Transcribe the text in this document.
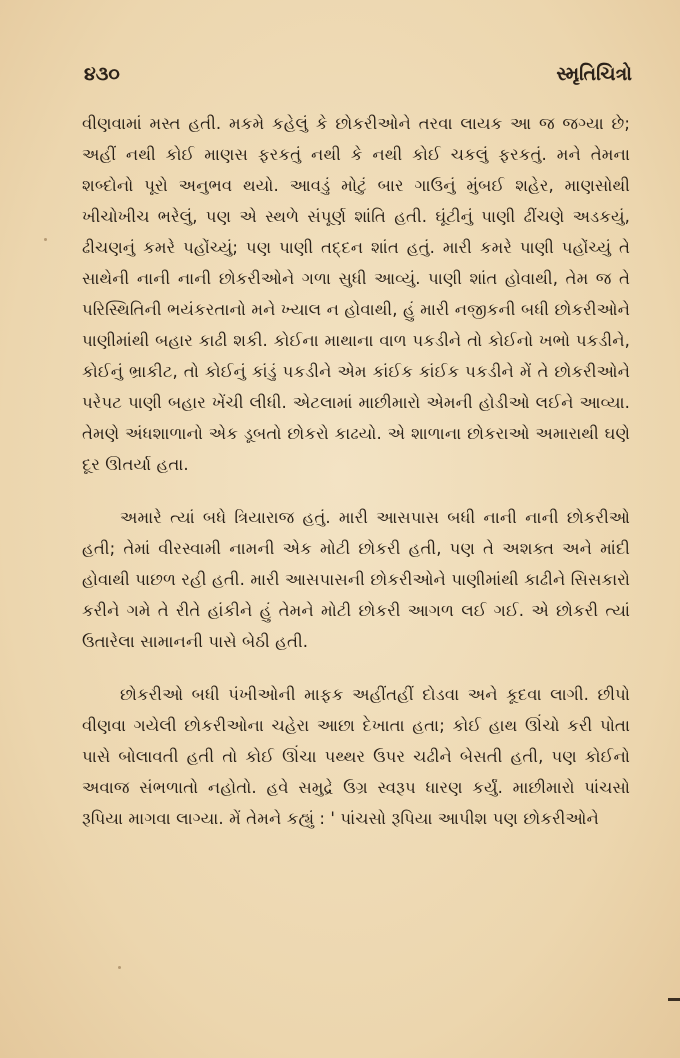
૪૩૦	સ્મૃતિચિત્રો

વીણવામાં મસ્ત હતી. મકમે કહેલું કે છોકરીઓને તરવા લાયક આ જ જગ્યા છે; અહીં નથી કોઈ માણસ ફરકતું નથી કે નથી કોઈ ચકલું ફરકતું. મને તેમના શબ્દોનો પૂરો અનુભવ થયો. આવડું મોટું બાર ગાઉનું મુંબઈ શહેર, માણસોથી ખીચોખીચ ભરેલું, પણ એ સ્થળે સંપૂર્ણ શાંતિ હતી. ઘૂંટીનું પાણી ઢીંચણે અડકયું, ઢીચણનું કમરે પહોંચ્યું; પણ પાણી તદ્દન શાંત હતું. મારી કમરે પાણી પહોંચ્યું તે સાથેની નાની નાની છોકરીઓને ગળા સુધી આવ્યું. પાણી શાંત હોવાથી, તેમ જ તે પરિસ્થિતિની ભયંકરતાનો મને ખ્યાલ ન હોવાથી, હું મારી નજીકની બધી છોકરીઓને પાણીમાંથી બહાર કાઢી શકી. કોઈના માથાના વાળ પકડીને તો કોઈનો ખભો પકડીને, કોઈનું ભ્રાકીટ, તો કોઈનું કાંડું પકડીને એમ કાંઈક કાંઈક પકડીને મેં તે છોકરીઓને પરેપટ પાણી બહાર ખેંચી લીધી. એટલામાં માછીમારો એમની હોડીઓ લઈને આવ્યા. તેમણે અંધશાળાનો એક ડૂબતો છોકરો કાઢયો. એ શાળાના છોકરાઓ અમારાથી ઘણે દૂર ઊતર્યા હતા.

અમારે ત્યાં બધે ત્રિયારાજ હતું. મારી આસપાસ બધી નાની નાની છોકરીઓ હતી; તેમાં વીરસ્વામી નામની એક મોટી છોકરી હતી, પણ તે અશક્ત અને માંદી હોવાથી પાછળ રહી હતી. મારી આસપાસની છોકરીઓને પાણીમાંથી કાઢીને સિસકારો કરીને ગમે તે રીતે હાંકીને હું તેમને મોટી છોકરી આગળ લઈ ગઈ. એ છોકરી ત્યાં ઉતારેલા સામાનની પાસે બેઠી હતી.

છોકરીઓ બધી પંખીઓની માફક અહીંતહીં દોડવા અને કૂદવા લાગી. છીપો વીણવા ગયેલી છોકરીઓના ચહેરા આછા દેખાતા હતા; કોઈ હાથ ઊંચો કરી પોતા પાસે બોલાવતી હતી તો કોઈ ઊંચા પથ્થર ઉપર ચઢીને બેસતી હતી, પણ કોઈનો અવાજ સંભળાતો નહોતો. હવે સમુદ્રે ઉગ્ર સ્વરૂપ ધારણ કર્યું. માછીમારો પાંચસો રૂપિયા માગવા લાગ્યા. મેં તેમને કહ્યું : ' પાંચસો રૂપિયા આપીશ પણ છોકરીઓને
